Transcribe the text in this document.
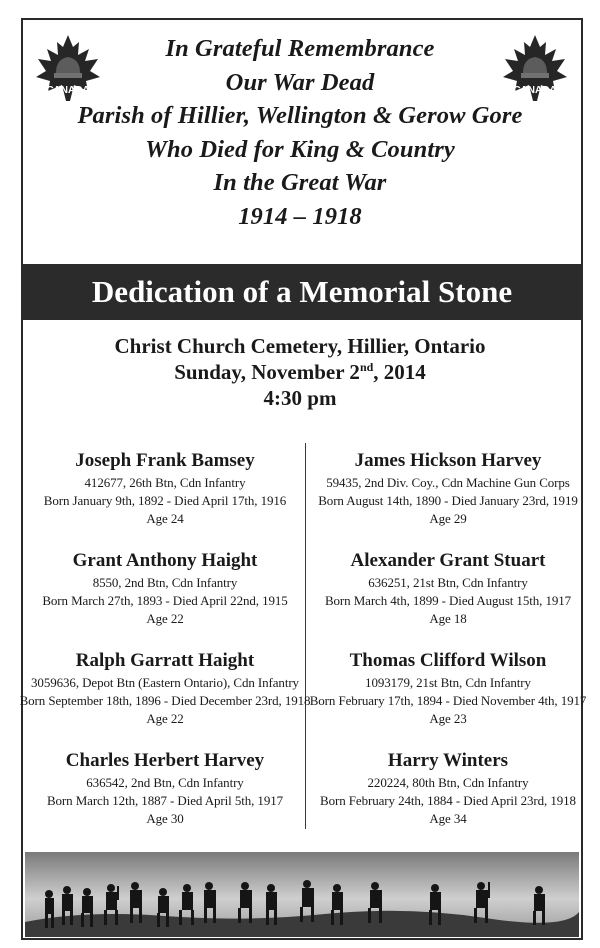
CANADA	CANADA
In Grateful Remembrance
Our War Dead
Parish of Hillier, Wellington & Gerow Gore
Who Died for King & Country
In the Great War
1914 – 1918
Dedication of a Memorial Stone
Christ Church Cemetery, Hillier, Ontario
Sunday, November 2nd, 2014
4:30 pm
Joseph Frank Bamsey
412677, 26th Btn, Cdn Infantry
Born January 9th, 1892 - Died April 17th, 1916
Age 24
Grant Anthony Haight
8550, 2nd Btn, Cdn Infantry
Born March 27th, 1893 - Died April 22nd, 1915
Age 22
Ralph Garratt Haight
3059636, Depot Btn (Eastern Ontario), Cdn Infantry
Born September 18th, 1896 - Died December 23rd, 1918
Age 22
Charles Herbert Harvey
636542, 2nd Btn, Cdn Infantry
Born March 12th, 1887 - Died April 5th, 1917
Age 30
James Hickson Harvey
59435, 2nd Div. Coy., Cdn Machine Gun Corps
Born August 14th, 1890 - Died January 23rd, 1919
Age 29
Alexander Grant Stuart
636251, 21st Btn, Cdn Infantry
Born March 4th, 1899 - Died August 15th, 1917
Age 18
Thomas Clifford Wilson
1093179, 21st Btn, Cdn Infantry
Born February 17th, 1894 - Died November 4th, 1917
Age 23
Harry Winters
220224, 80th Btn, Cdn Infantry
Born February 24th, 1884 - Died April 23rd, 1918
Age 34
